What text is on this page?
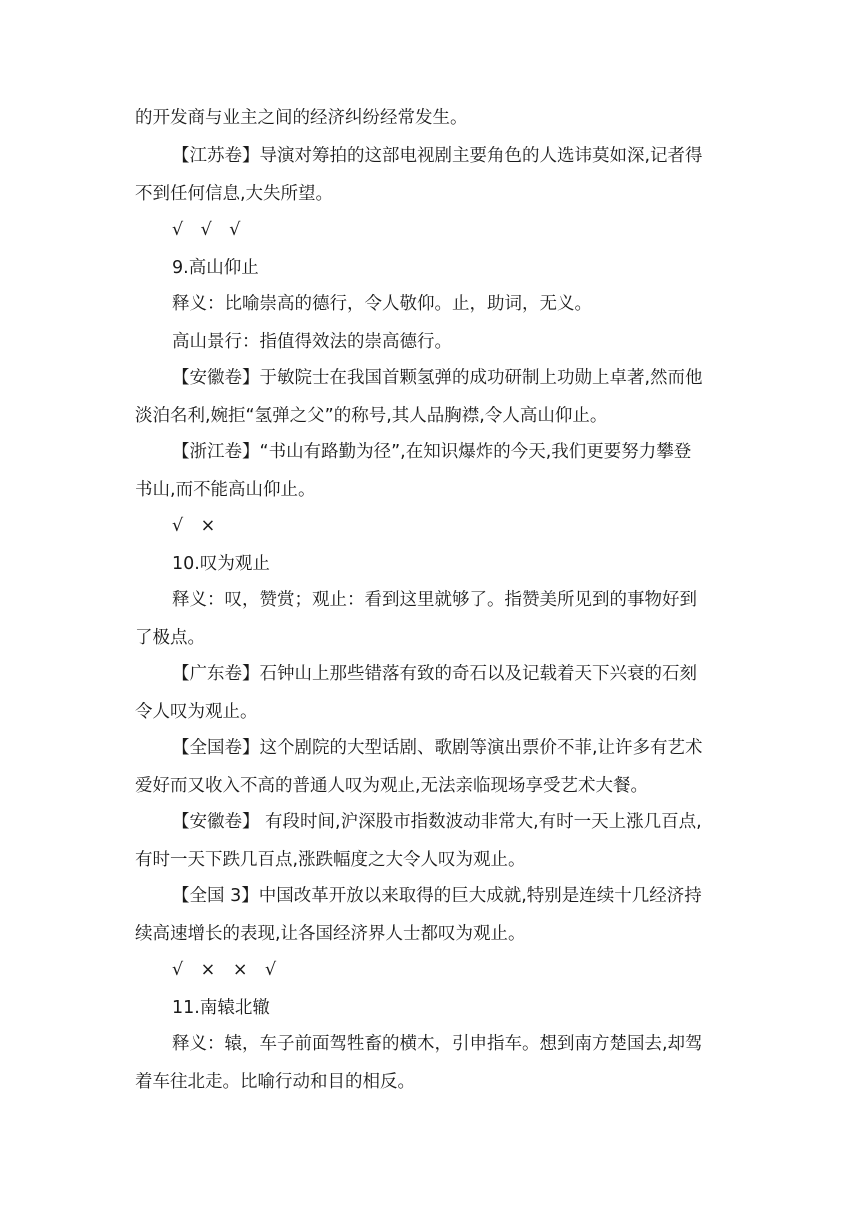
的开发商与业主之间的经济纠纷经常发生。
【江苏卷】导演对筹拍的这部电视剧主要角色的人选讳莫如深,记者得
不到任何信息,大失所望。
√　√　√
9.高山仰止
释义：比喻崇高的德行，令人敬仰。止，助词，无义。
高山景行：指值得效法的崇高德行。
【安徽卷】于敏院士在我国首颗氢弹的成功研制上功勋上卓著,然而他
淡泊名利,婉拒“氢弹之父”的称号,其人品胸襟,令人高山仰止。
【浙江卷】“书山有路勤为径”,在知识爆炸的今天,我们更要努力攀登
书山,而不能高山仰止。
√　×
10.叹为观止
释义：叹，赞赏；观止：看到这里就够了。指赞美所见到的事物好到
了极点。
【广东卷】石钟山上那些错落有致的奇石以及记载着天下兴衰的石刻
令人叹为观止。
【全国卷】这个剧院的大型话剧、歌剧等演出票价不菲,让许多有艺术
爱好而又收入不高的普通人叹为观止,无法亲临现场享受艺术大餐。
【安徽卷】 有段时间,沪深股市指数波动非常大,有时一天上涨几百点,
有时一天下跌几百点,涨跌幅度之大令人叹为观止。
【全国 3】中国改革开放以来取得的巨大成就,特别是连续十几经济持
续高速增长的表现,让各国经济界人士都叹为观止。
√　×　×　√
11.南辕北辙
释义：辕，车子前面驾牲畜的横木，引申指车。想到南方楚国去,却驾
着车往北走。比喻行动和目的相反。
